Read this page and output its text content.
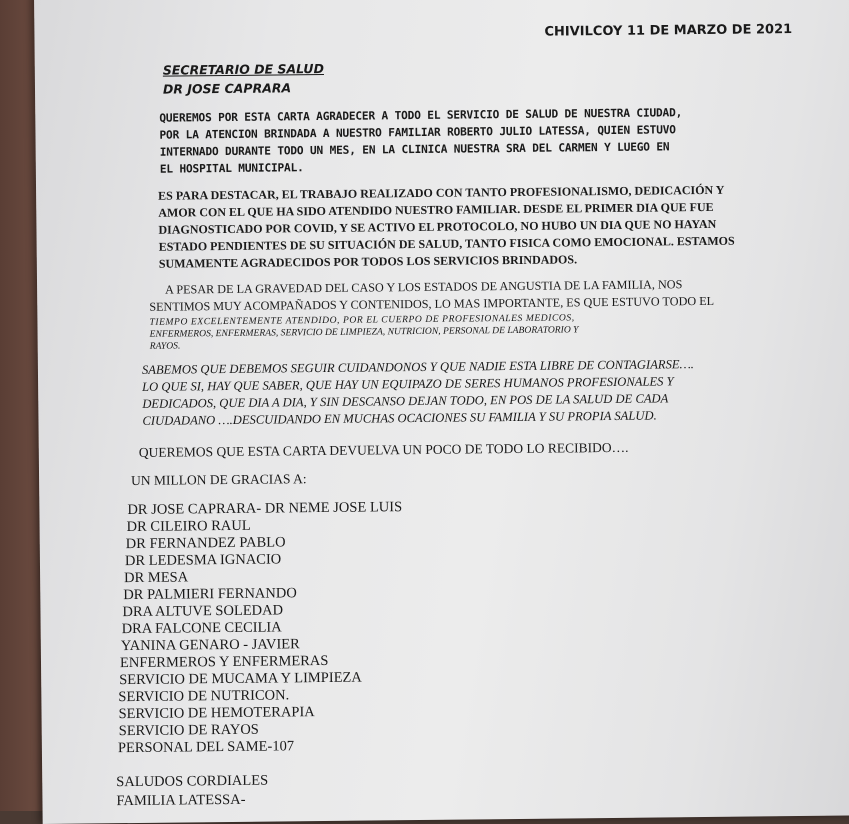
CHIVILCOY 11 DE MARZO DE 2021
SECRETARIO DE SALUD
DR JOSE CAPRARA
QUEREMOS POR ESTA CARTA AGRADECER A TODO EL SERVICIO DE SALUD DE NUESTRA CIUDAD,
POR LA ATENCION BRINDADA A NUESTRO FAMILIAR ROBERTO JULIO LATESSA, QUIEN ESTUVO
INTERNADO DURANTE TODO UN MES, EN LA CLINICA NUESTRA SRA DEL CARMEN Y LUEGO EN
EL HOSPITAL MUNICIPAL.
ES PARA DESTACAR, EL TRABAJO REALIZADO CON TANTO PROFESIONALISMO, DEDICACIÓN Y
AMOR CON EL QUE HA SIDO ATENDIDO NUESTRO FAMILIAR. DESDE EL PRIMER DIA QUE FUE
DIAGNOSTICADO POR COVID, Y SE ACTIVO EL PROTOCOLO, NO HUBO UN DIA QUE NO HAYAN
ESTADO PENDIENTES DE SU SITUACIÓN DE SALUD, TANTO FISICA COMO EMOCIONAL. ESTAMOS
SUMAMENTE AGRADECIDOS POR TODOS LOS SERVICIOS BRINDADOS.
A PESAR DE LA GRAVEDAD DEL CASO Y LOS ESTADOS DE ANGUSTIA DE LA FAMILIA, NOS
SENTIMOS MUY ACOMPAÑADOS Y CONTENIDOS, LO MAS IMPORTANTE, ES QUE ESTUVO TODO EL
TIEMPO EXCELENTEMENTE ATENDIDO, POR EL CUERPO DE PROFESIONALES MEDICOS,
ENFERMEROS, ENFERMERAS, SERVICIO DE LIMPIEZA, NUTRICION, PERSONAL DE LABORATORIO Y
RAYOS.
SABEMOS QUE DEBEMOS SEGUIR CUIDANDONOS Y QUE NADIE ESTA LIBRE DE CONTAGIARSE….
LO QUE SI, HAY QUE SABER, QUE HAY UN EQUIPAZO DE SERES HUMANOS PROFESIONALES Y
DEDICADOS, QUE DIA A DIA, Y SIN DESCANSO DEJAN TODO, EN POS DE LA SALUD DE CADA
CIUDADANO ….DESCUIDANDO EN MUCHAS OCACIONES SU FAMILIA Y SU PROPIA SALUD.
QUEREMOS QUE ESTA CARTA DEVUELVA UN POCO DE TODO LO RECIBIDO….
UN MILLON DE GRACIAS A:
DR JOSE CAPRARA- DR NEME JOSE LUIS
DR CILEIRO RAUL
DR FERNANDEZ PABLO
DR LEDESMA IGNACIO
DR MESA
DR PALMIERI FERNANDO
DRA ALTUVE SOLEDAD
DRA FALCONE CECILIA
YANINA GENARO - JAVIER
ENFERMEROS Y ENFERMERAS
SERVICIO DE MUCAMA Y LIMPIEZA
SERVICIO DE NUTRICON.
SERVICIO DE HEMOTERAPIA
SERVICIO DE RAYOS
PERSONAL DEL SAME-107
SALUDOS CORDIALES
FAMILIA LATESSA-
